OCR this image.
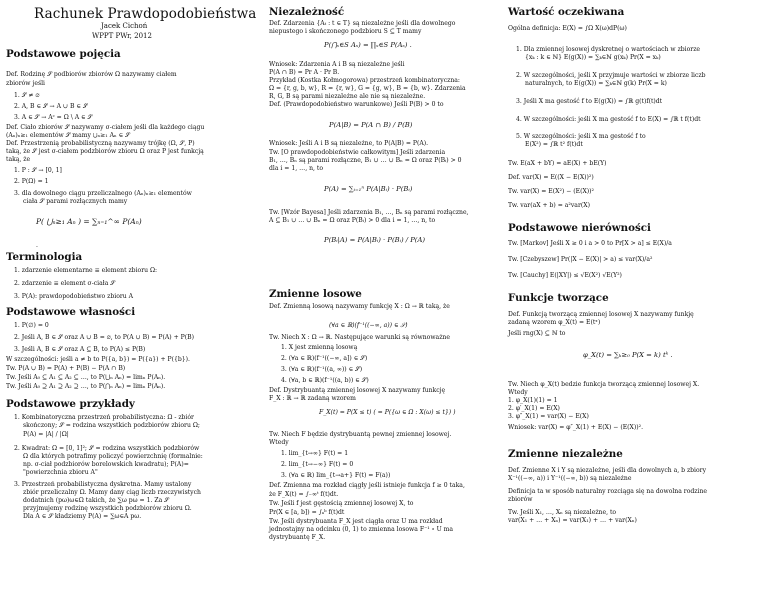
Rachunek Prawdopodobieństwa
Jacek Cichoń
WPPT PWr, 2012
Podstawowe pojęcia
Def. Rodzinę 𝒮 podbiorów zbiorów Ω nazywamy ciałem
zbiorów jeśli
1. 𝒮 ≠ ∅
2. A, B ∈ 𝒮 → A ∪ B ∈ 𝒮
3. A ∈ 𝒮 → Aᶜ = Ω \ A ∈ 𝒮
Def. Ciało zbiorów 𝒮 nazywamy σ-ciałem jeśli dla każdego ciągu
(Aₙ)ₙ≥₁ elementów 𝒮 mamy ⋃ₙ≥₁ Aₙ ∈ 𝒮
Def. Przestrzenią probabilistyczną nazywamy trójkę (Ω, 𝒮, P)
taką, że 𝒮 jest σ-ciałem podzbiorów zbioru Ω oraz P jest funkcją
taką, że
1. P : 𝒮 → [0, 1]
2. P(Ω) = 1
3. dla dowolnego ciągu przeliczalnego (Aₙ)ₙ≥₁ elementów
ciała 𝒮 parami rozłącznych mamy
P( ⋃ₙ≥₁ Aₙ ) = ∑ₙ₌₁^∞ P(Aₙ)
.
Terminologia
1. zdarzenie elementarne ≡ element zbioru Ω:
2. zdarzenie ≡ element σ-ciała 𝒮
3. P(A): prawdopodobieństwo zbioru A
Podstawowe własności
1. P(∅) = 0
2. Jeśli A, B ∈ 𝒮 oraz A ∪ B = ∅, to P(A ∪ B) = P(A) + P(B)
3. Jeśli A, B ∈ 𝒮 oraz A ⊆ B, to P(A) ≤ P(B)
W szczególności: jeśli a ≠ b to P({a, b}) = P({a}) + P({b}).
Tw. P(A ∪ B) = P(A) + P(B) − P(A ∩ B)
Tw. Jeśli A₀ ⊆ A₁ ⊆ A₂ ⊆ …, to P(⋃ₙ Aₙ) = limₙ P(Aₙ).
Tw. Jeśli A₀ ⊇ A₁ ⊇ A₂ ⊇ …, to P(⋂ₙ Aₙ) = limₙ P(Aₙ).
Podstawowe przykłady
1. Kombinatoryczna przestrzeń probabilistyczna: Ω - zbiór
skończony; 𝒮 = rodzina wszystkich podzbiorów zbioru Ω;
P(A) = |A| / |Ω|
2. Kwadrat: Ω = [0, 1]²; 𝒮 = rodzina wszystkich podzbiorów
Ω dla których potrafimy policzyć powierzchnię (formalnie:
np. σ-ciał podzbiorów borelowskich kwadratu); P(A)=
"powierzchnia zbioru A"
3. Przestrzeń probabilistyczna dyskretna. Mamy ustalony
zbiór przeliczalny Ω. Mamy dany ciąg liczb rzeczywistych
dodatnich (pω)ω∈Ω takich, że ∑ω pω = 1. Za 𝒮
przyjmujemy rodzinę wszystkich podzbiorów zbioru Ω.
Dla A ∈ 𝒮 kładziemy P(A) = ∑ω∈A pω.
Niezależność
Def. Zdarzenia {Aₜ : t ∈ T} są niezależne jeśli dla dowolnego
niepustego i skończonego podzbioru S ⊆ T mamy
P(⋂ₛ∈S Aₛ) = ∏ₛ∈S P(Aₛ) .
Wniosek: Zdarzenia A i B są niezależne jeśli
P(A ∩ B) = Pr A · Pr B.
Przykład (Kostka Kołmogorowa) przestrzeń kombinatoryczna:
Ω = {r, g, b, w}, R = {r, w}, G = {g, w}, B = {b, w}. Zdarzenia
R, G, B są parami niezależne ale nie są niezależne.
Def. (Prawdopodobieństwo warunkowe) Jeśli P(B) > 0 to
P(A|B) = P(A ∩ B) / P(B)
Wniosek: Jeśli A i B są niezależne, to P(A|B) = P(A).
Tw. [O prawdopodobieństwie całkowitym] Jeśli zdarzenia
B₁, …, Bₙ są parami rozłączne, B₁ ∪ … ∪ Bₙ = Ω oraz P(Bᵢ) > 0
dla i = 1, …, n, to
P(A) = ∑ᵢ₌₁ⁿ P(A|Bᵢ) · P(Bᵢ)
Tw. [Wzór Bayesa] Jeśli zdarzenia B₁, …, Bₙ są parami rozłączne,
A ⊆ B₁ ∪ … ∪ Bₙ = Ω oraz P(Bᵢ) > 0 dla i = 1, …, n, to
P(Bᵢ|A) = P(A|Bᵢ) · P(Bᵢ) / P(A)
Zmienne losowe
Def. Zmienną losową nazywamy funkcję X : Ω → ℝ taką, że
(∀a ∈ ℝ)(f⁻¹((−∞, a)) ∈ 𝒮)
Tw. Niech X : Ω → ℝ. Następujące warunki są równoważne
1. X jest zmienną losową
2. (∀a ∈ ℝ)(f⁻¹((−∞, a]) ∈ 𝒮)
3. (∀a ∈ ℝ)(f⁻¹((a, ∞)) ∈ 𝒮)
4. (∀a, b ∈ ℝ)(f⁻¹((a, b)) ∈ 𝒮)
Def. Dystrybuantą zmiennej losowej X nazywamy funkcję
F_X : ℝ → ℝ zadaną wzorem
F_X(t) = P(X ≤ t) ( = P({ω ∈ Ω : X(ω) ≤ t}) )
Tw. Niech F będzie dystrybuantą pewnej zmiennej losowej.
Wtedy
1. lim_{t→∞} F(t) = 1
2. lim_{t→−∞} F(t) = 0
3. (∀a ∈ ℝ) lim_{t→a+} F(t) = F(a))
Def. Zmienna ma rozkład ciągły jeśli istnieje funkcja f ≥ 0 taka,
że F_X(t) = ∫₋∞ᵗ f(t)dt.
Tw. Jeśli f jest gęstością zmiennej losowej X, to
Pr(X ∈ [a, b]) = ∫ₐᵇ f(t)dt
Tw. Jeśli dystrybuanta F_X jest ciągła oraz U ma rozkład
jednostajny na odcinku (0, 1) to zmienna losowa F⁻¹ ∘ U ma
dystrybuantę F_X.
Wartość oczekiwana
Ogólna definicja: E(X) = ∫Ω X(ω)dP(ω)
1. Dla zmiennej losowej dyskretnej o wartościach w zbiorze
{xₖ : k ∈ ℕ} E(g(X)) = ∑ₖ∈ℕ g(xₖ) Pr(X = xₖ)
2. W szczególności, jeśli X przyjmuje wartości w zbiorze liczb
naturalnych, to E(g(X)) = ∑ₖ∈ℕ g(k) Pr(X = k)
3. Jeśli X ma gestość f to E(g(X)) = ∫ℝ g(t)f(t)dt
4. W szczególności: jeśli X ma gestość f to E(X) = ∫ℝ t f(t)dt
5. W szczególności: jeśli X ma gestość f to
E(X²) = ∫ℝ t² f(t)dt
Tw. E(aX + bY) = aE(X) + bE(Y)
Def. var(X) = E((X − E(X))²)
Tw. var(X) = E(X²) − (E(X))²
Tw. var(aX + b) = a²var(X)
Podstawowe nierówności
Tw. [Markov] Jeśli X ≥ 0 i a > 0 to Pr[X > a] ≤ E(X)/a
Tw. [Czebyszew] Pr(|X − E(X)| > a) ≤ var(X)/a²
Tw. [Cauchy] E(|XY|) ≤ √E(X²) √E(Y²)
Funkcje tworzące
Def. Funkcją tworzącą zmiennej losowej X nazywamy funkję
zadaną wzorem φ_X(t) = E(tˣ)
Jeśli rng(X) ⊆ ℕ to
φ_X(t) = ∑ₖ≥₀ P(X = k) tᵏ .
Tw. Niech φ_X(t) bedzie funkcja tworzącą zmiennej losowej X.
Wtedy
1. φ_X(1)(1) = 1
2. φ′_X(1) = E(X)
3. φ″_X(1) = var(X) − E(X)
Wniosek: var(X) = φ″_X(1) + E(X) − (E(X))².
Zmienne niezależne
Def. Zmienne X i Y są niezależne, jeśli dla dowolnych a, b zbiory
X⁻¹((−∞, a)) i Y⁻¹((−∞, b)) są niezależne
Definicja ta w sposób naturalny rozciąga się na dowolna rodzine
zbiorów
Tw. Jeśli X₁, …, Xₙ są niezależne, to
var(X₁ + … + Xₙ) = var(X₁) + … + var(Xₙ)
